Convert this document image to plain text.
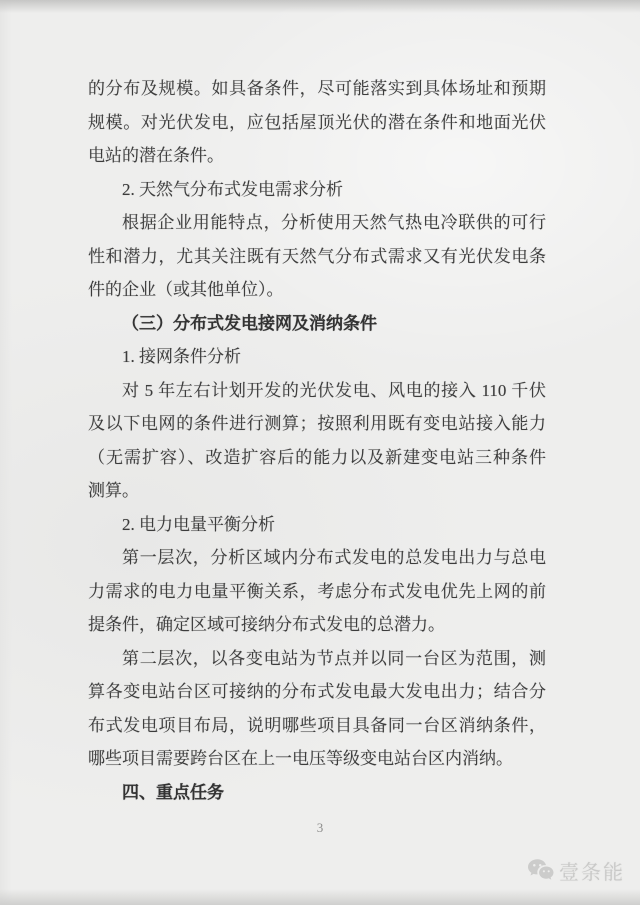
的分布及规模。如具备条件，尽可能落实到具体场址和预期
规模。对光伏发电，应包括屋顶光伏的潜在条件和地面光伏
电站的潜在条件。
2. 天然气分布式发电需求分析
根据企业用能特点，分析使用天然气热电冷联供的可行
性和潜力，尤其关注既有天然气分布式需求又有光伏发电条
件的企业（或其他单位）。
（三）分布式发电接网及消纳条件
1. 接网条件分析
对 5 年左右计划开发的光伏发电、风电的接入 110 千伏
及以下电网的条件进行测算；按照利用既有变电站接入能力
（无需扩容）、改造扩容后的能力以及新建变电站三种条件
测算。
2. 电力电量平衡分析
第一层次，分析区域内分布式发电的总发电出力与总电
力需求的电力电量平衡关系，考虑分布式发电优先上网的前
提条件，确定区域可接纳分布式发电的总潜力。
第二层次，以各变电站为节点并以同一台区为范围，测
算各变电站台区可接纳的分布式发电最大发电出力；结合分
布式发电项目布局，说明哪些项目具备同一台区消纳条件，
哪些项目需要跨台区在上一电压等级变电站台区内消纳。
四、重点任务
3
壹条能
